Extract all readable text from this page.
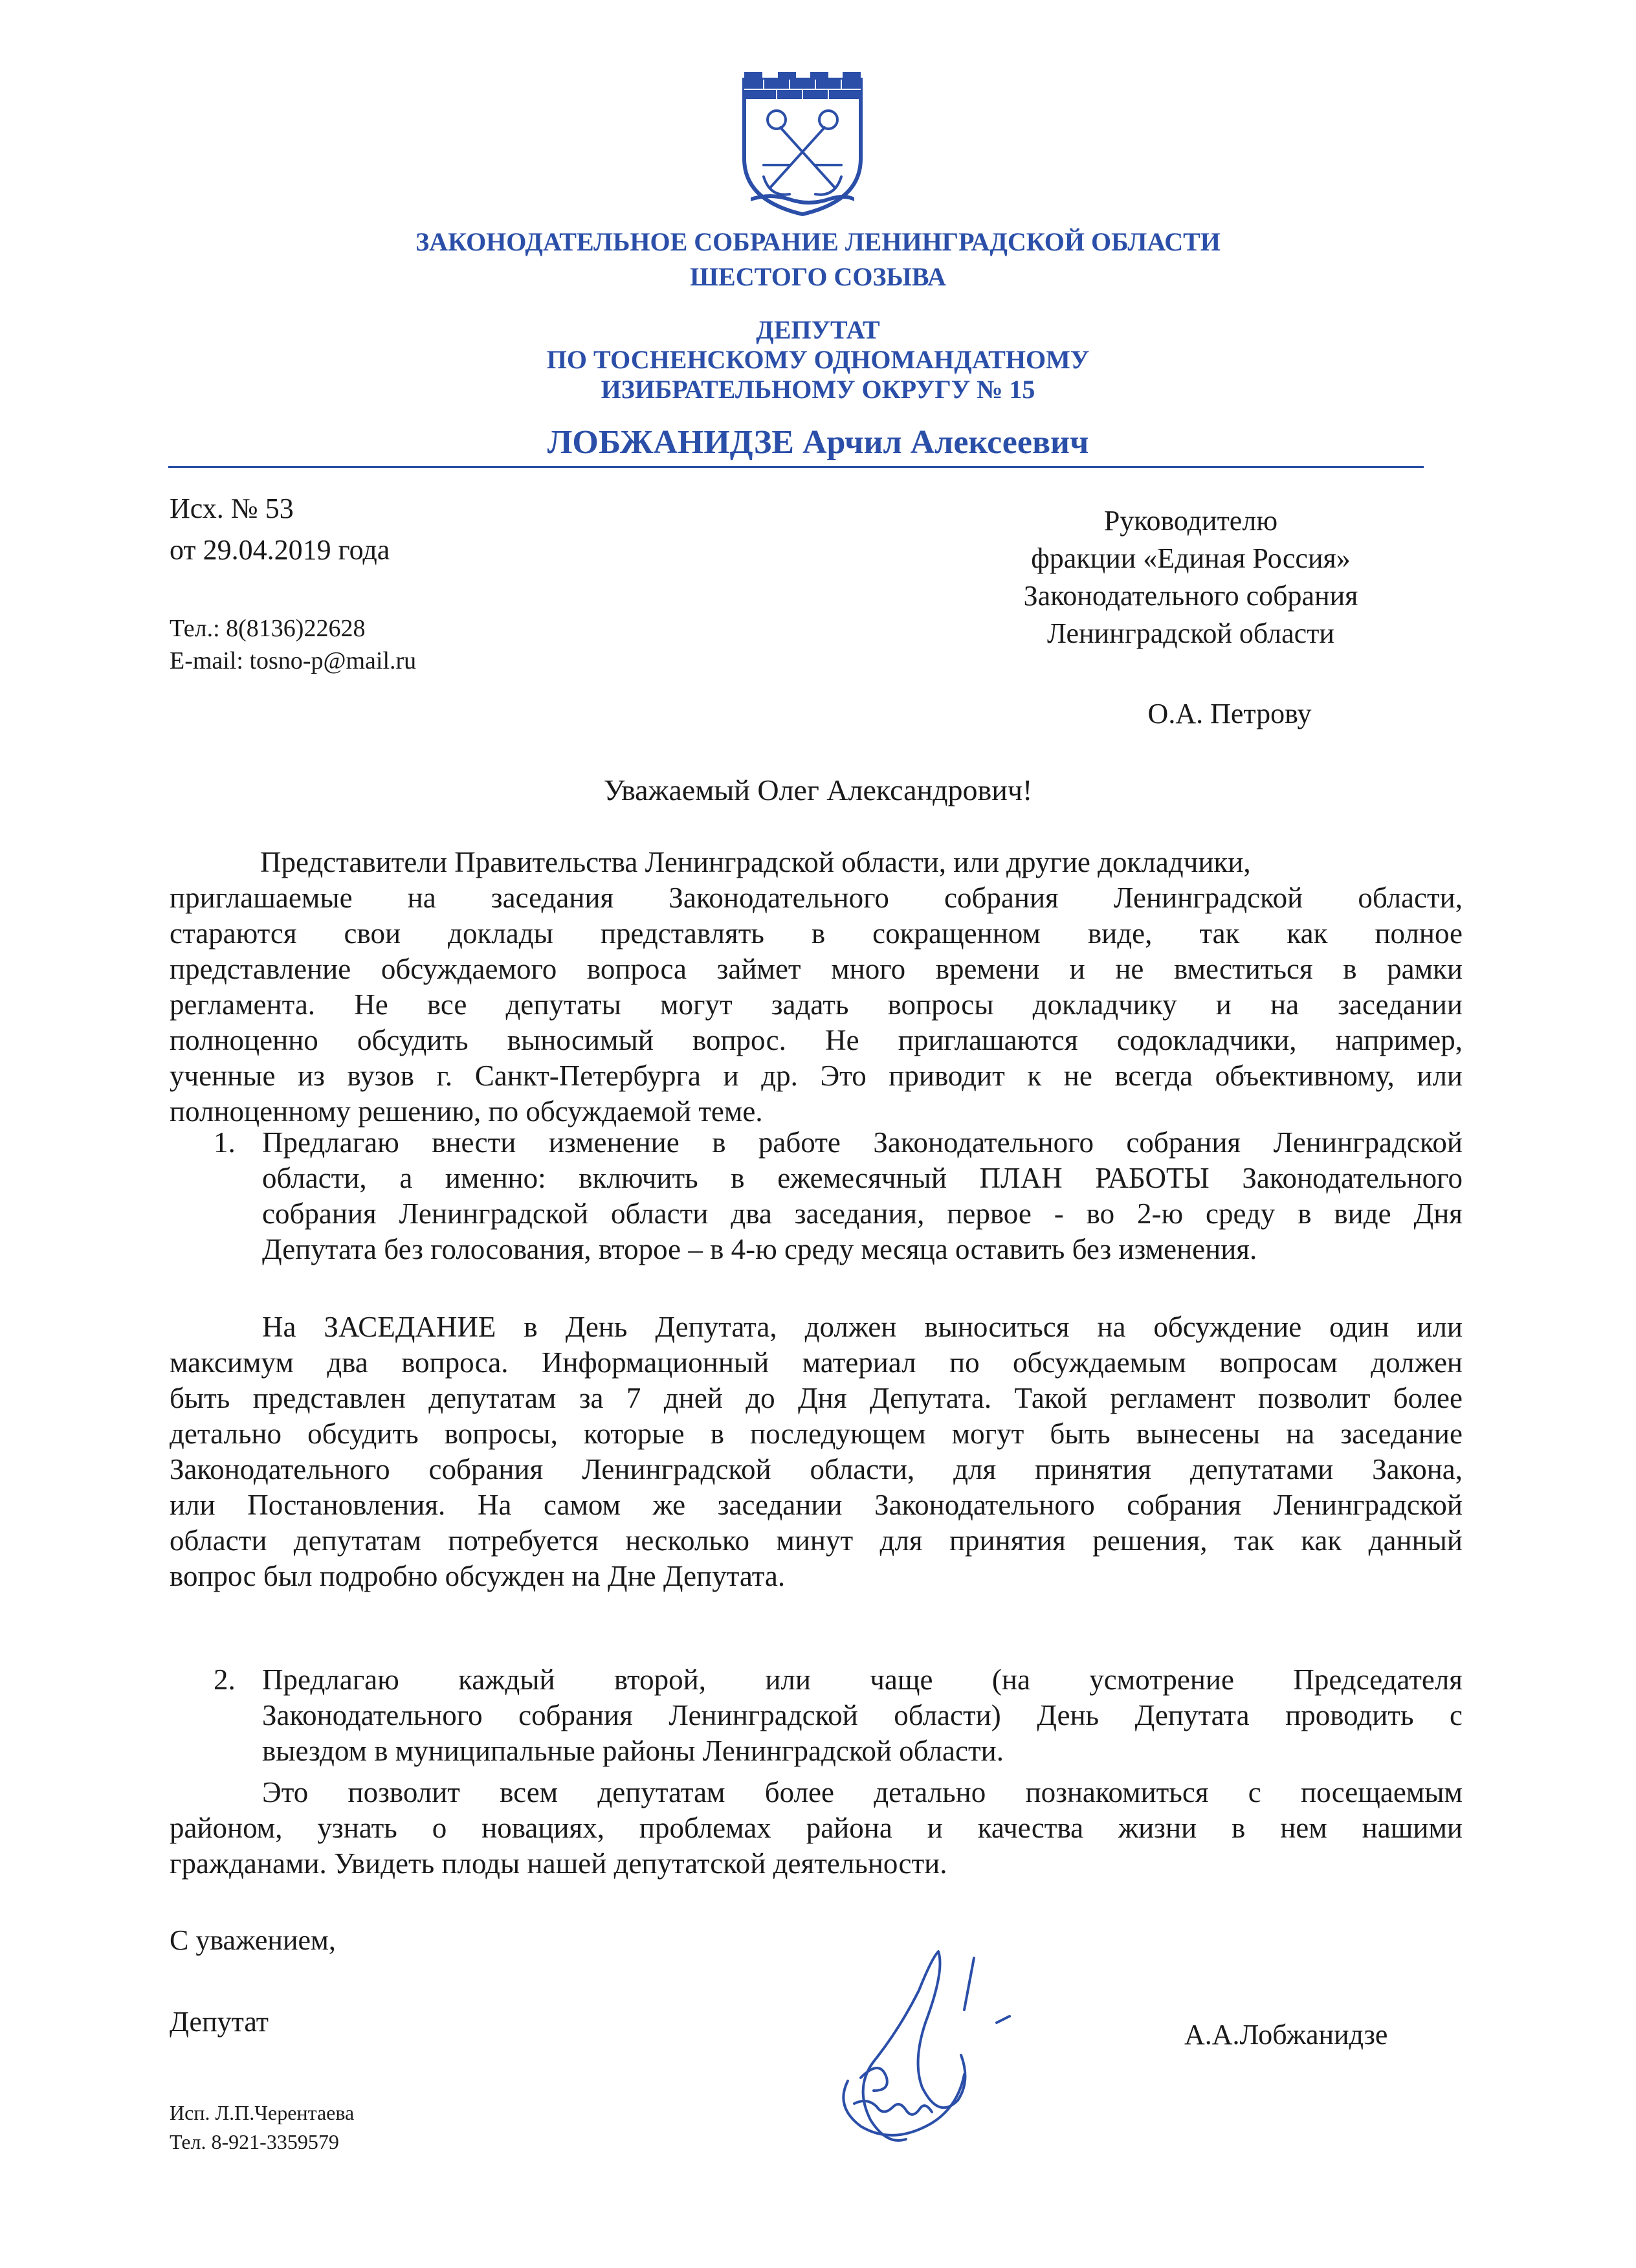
ЗАКОНОДАТЕЛЬНОЕ СОБРАНИЕ ЛЕНИНГРАДСКОЙ ОБЛАСТИ
ШЕСТОГО СОЗЫВА
ДЕПУТАТ
ПО ТОСНЕНСКОМУ ОДНОМАНДАТНОМУ
ИЗИБРАТЕЛЬНОМУ ОКРУГУ № 15
ЛОБЖАНИДЗЕ Арчил Алексеевич
Исх. № 53
от 29.04.2019 года
Тел.: 8(8136)22628
E-mail: tosno-p@mail.ru
Руководителю
фракции «Единая Россия»
Законодательного собрания
Ленинградской области
О.А. Петрову
Уважаемый Олег Александрович!
Представители Правительства Ленинградской области, или другие докладчики,
приглашаемые на заседания Законодательного собрания Ленинградской области,
стараются свои доклады представлять в сокращенном виде, так как полное
представление обсуждаемого вопроса займет много времени и не вместиться в рамки
регламента. Не все депутаты могут задать вопросы докладчику и на заседании
полноценно обсудить выносимый вопрос. Не приглашаются содокладчики, например,
ученные из вузов г. Санкт-Петербурга и др. Это приводит к не всегда объективному, или
полноценному решению, по обсуждаемой теме.
1. Предлагаю внести изменение в работе Законодательного собрания Ленинградской
области, а именно: включить в ежемесячный ПЛАН РАБОТЫ Законодательного
собрания Ленинградской области два заседания, первое - во 2-ю среду в виде Дня
Депутата без голосования, второе – в 4-ю среду месяца оставить без изменения.
На ЗАСЕДАНИЕ в День Депутата, должен выноситься на обсуждение один или
максимум два вопроса. Информационный материал по обсуждаемым вопросам должен
быть представлен депутатам за 7 дней до Дня Депутата. Такой регламент позволит более
детально обсудить вопросы, которые в последующем могут быть вынесены на заседание
Законодательного собрания Ленинградской области, для принятия депутатами Закона,
или Постановления. На самом же заседании Законодательного собрания Ленинградской
области депутатам потребуется несколько минут для принятия решения, так как данный
вопрос был подробно обсужден на Дне Депутата.
2. Предлагаю каждый второй, или чаще (на усмотрение Председателя
Законодательного собрания Ленинградской области) День Депутата проводить с
выездом в муниципальные районы Ленинградской области.
Это позволит всем депутатам более детально познакомиться с посещаемым
районом, узнать о новациях, проблемах района и качества жизни в нем нашими
гражданами. Увидеть плоды нашей депутатской деятельности.
С уважением,
Депутат	А.А.Лобжанидзе
Исп. Л.П.Черентаева
Тел. 8-921-3359579
